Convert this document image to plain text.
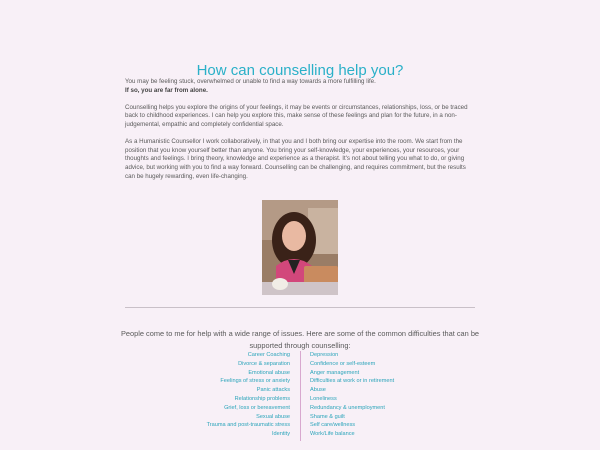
How can counselling help you?

You may be feeling stuck, overwhelmed or unable to find a way towards a more fulfilling life.
If so, you are far from alone.

Counselling helps you explore the origins of your feelings, it may be events or circumstances, relationships, loss, or be traced back to childhood experiences. I can help you explore this, make sense of these feelings and plan for the future, in a non-judgemental, empathic and completely confidential space.

As a Humanistic Counsellor I work collaboratively, in that you and I both bring our expertise into the room. We start from the position that you know yourself better than anyone. You bring your self-knowledge, your experiences, your resources, your thoughts and feelings. I bring theory, knowledge and experience as a therapist. It's not about telling you what to do, or giving advice, but working with you to find a way forward. Counselling can be challenging, and requires commitment, but the results can be hugely rewarding, even life-changing.

People come to me for help with a wide range of issues. Here are some of the common difficulties that can be supported through counselling:

Career Coaching
Divorce & separation
Emotional abuse
Feelings of stress or anxiety
Panic attacks
Relationship problems
Grief, loss or bereavement
Sexual abuse
Trauma and post-traumatic stress
Identity
Depression
Confidence or self-esteem
Anger management
Difficulties at work or in retirement
Abuse
Loneliness
Redundancy & unemployment
Shame & guilt
Self care/wellness
Work/Life balance
